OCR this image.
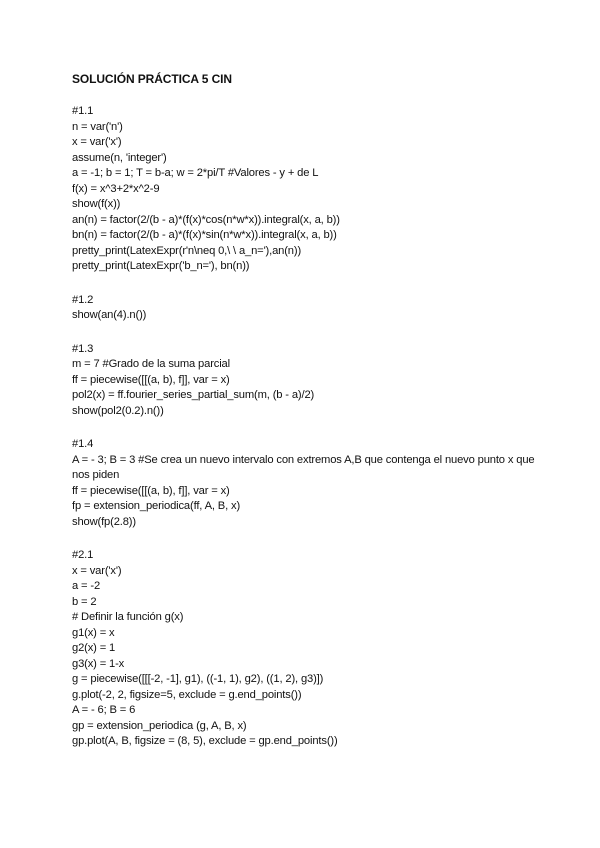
SOLUCIÓN PRÁCTICA 5 CIN
#1.1
n = var('n')
x = var('x')
assume(n, 'integer')
a = -1; b = 1; T = b-a; w = 2*pi/T #Valores - y + de L
f(x) = x^3+2*x^2-9
show(f(x))
an(n) = factor(2/(b - a)*(f(x)*cos(n*w*x)).integral(x, a, b))
bn(n) = factor(2/(b - a)*(f(x)*sin(n*w*x)).integral(x, a, b))
pretty_print(LatexExpr(r'n\neq 0,\ \ a_n='),an(n))
pretty_print(LatexExpr('b_n='), bn(n))
#1.2
show(an(4).n())
#1.3
m = 7 #Grado de la suma parcial
ff = piecewise([[(a, b), f]], var = x)
pol2(x) = ff.fourier_series_partial_sum(m, (b - a)/2)
show(pol2(0.2).n())
#1.4
A = - 3; B = 3 #Se crea un nuevo intervalo con extremos A,B que contenga el nuevo punto x que nos piden
ff = piecewise([[(a, b), f]], var = x)
fp = extension_periodica(ff, A, B, x)
show(fp(2.8))
#2.1
x = var('x')
a = -2
b = 2
# Definir la función g(x)
g1(x) = x
g2(x) = 1
g3(x) = 1-x
g = piecewise([[[-2, -1], g1), ((-1, 1), g2), ((1, 2), g3)])
g.plot(-2, 2, figsize=5, exclude = g.end_points())
A = - 6; B = 6
gp = extension_periodica (g, A, B, x)
gp.plot(A, B, figsize = (8, 5), exclude = gp.end_points())
